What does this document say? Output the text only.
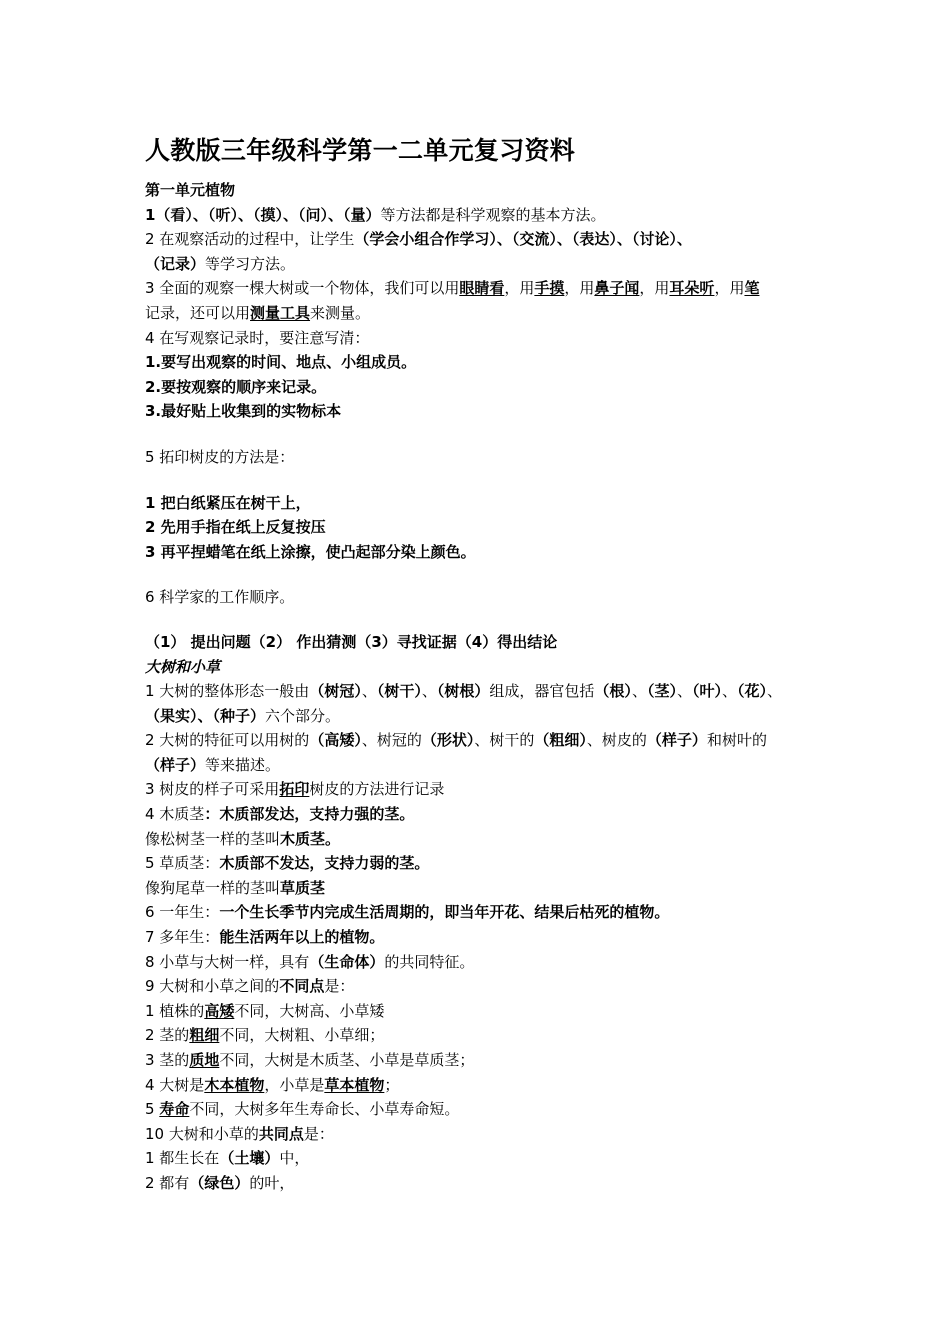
人教版三年级科学第一二单元复习资料
第一单元植物
1（看）、（听）、（摸）、（问）、（量）等方法都是科学观察的基本方法。
2 在观察活动的过程中，让学生（学会小组合作学习）、（交流）、（表达）、（讨论）、
（记录）等学习方法。
3 全面的观察一棵大树或一个物体，我们可以用眼睛看，用手摸，用鼻子闻，用耳朵听，用笔
记录，还可以用测量工具来测量。
4 在写观察记录时，要注意写清：
1.要写出观察的时间、地点、小组成员。
2.要按观察的顺序来记录。
3.最好贴上收集到的实物标本
5 拓印树皮的方法是：
1 把白纸紧压在树干上，
2 先用手指在纸上反复按压
3 再平捏蜡笔在纸上涂擦，使凸起部分染上颜色。
6 科学家的工作顺序。
（1） 提出问题（2） 作出猜测（3）寻找证据（4）得出结论
大树和小草
1 大树的整体形态一般由（树冠）、（树干）、（树根）组成，器官包括（根）、（茎）、（叶）、（花）、
（果实）、（种子）六个部分。
2 大树的特征可以用树的（高矮）、树冠的（形状）、树干的（粗细）、树皮的（样子）和树叶的
（样子）等来描述。
3 树皮的样子可采用拓印树皮的方法进行记录
4 木质茎：木质部发达，支持力强的茎。
像松树茎一样的茎叫木质茎。
5 草质茎：木质部不发达，支持力弱的茎。
像狗尾草一样的茎叫草质茎
6 一年生：一个生长季节内完成生活周期的，即当年开花、结果后枯死的植物。
7 多年生：能生活两年以上的植物。
8 小草与大树一样，具有（生命体）的共同特征。
9 大树和小草之间的不同点是：
1 植株的高矮不同，大树高、小草矮
2 茎的粗细不同，大树粗、小草细；
3 茎的质地不同，大树是木质茎、小草是草质茎；
4 大树是木本植物，小草是草本植物；
5 寿命不同，大树多年生寿命长、小草寿命短。
10 大树和小草的共同点是：
1 都生长在（土壤）中，
2 都有（绿色）的叶，
